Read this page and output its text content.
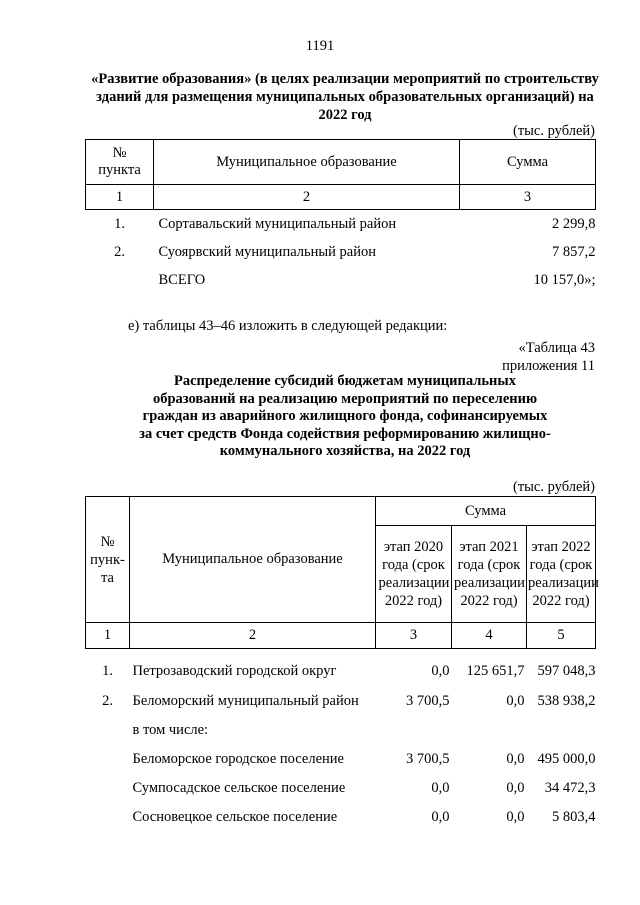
1191
«Развитие образования» (в целях реализации мероприятий по строительству зданий для размещения муниципальных образовательных организаций) на 2022 год
(тыс. рублей)
№ пункта	Муниципальное образование	Сумма
1	2	3
1.	Сортавальский муниципальный район	2 299,8
2.	Суоярвский муниципальный район	7 857,2
	ВСЕГО	10 157,0»;
е) таблицы 43–46 изложить в следующей редакции:
«Таблица 43
приложения 11
Распределение субсидий бюджетам муниципальных образований на реализацию мероприятий по переселению граждан из аварийного жилищного фонда, софинансируемых за счет средств Фонда содействия реформированию жилищно-коммунального хозяйства, на 2022 год
(тыс. рублей)
№ пунк-та	Муниципальное образование	Сумма		

		этап 2020 года (срок реализации 2022 год)	этап 2021 года (срок реализации 2022 год)	этап 2022 года (срок реализации 2022 год)

1	2	3	4	5
1.	Петрозаводский городской округ	0,0	125 651,7	597 048,3
2.	Беломорский муниципальный район	3 700,5	0,0	538 938,2
	в том числе:			
	Беломорское городское поселение	3 700,5	0,0	495 000,0
	Сумпосадское сельское поселение	0,0	0,0	34 472,3
	Сосновецкое сельское поселение	0,0	0,0	5 803,4
